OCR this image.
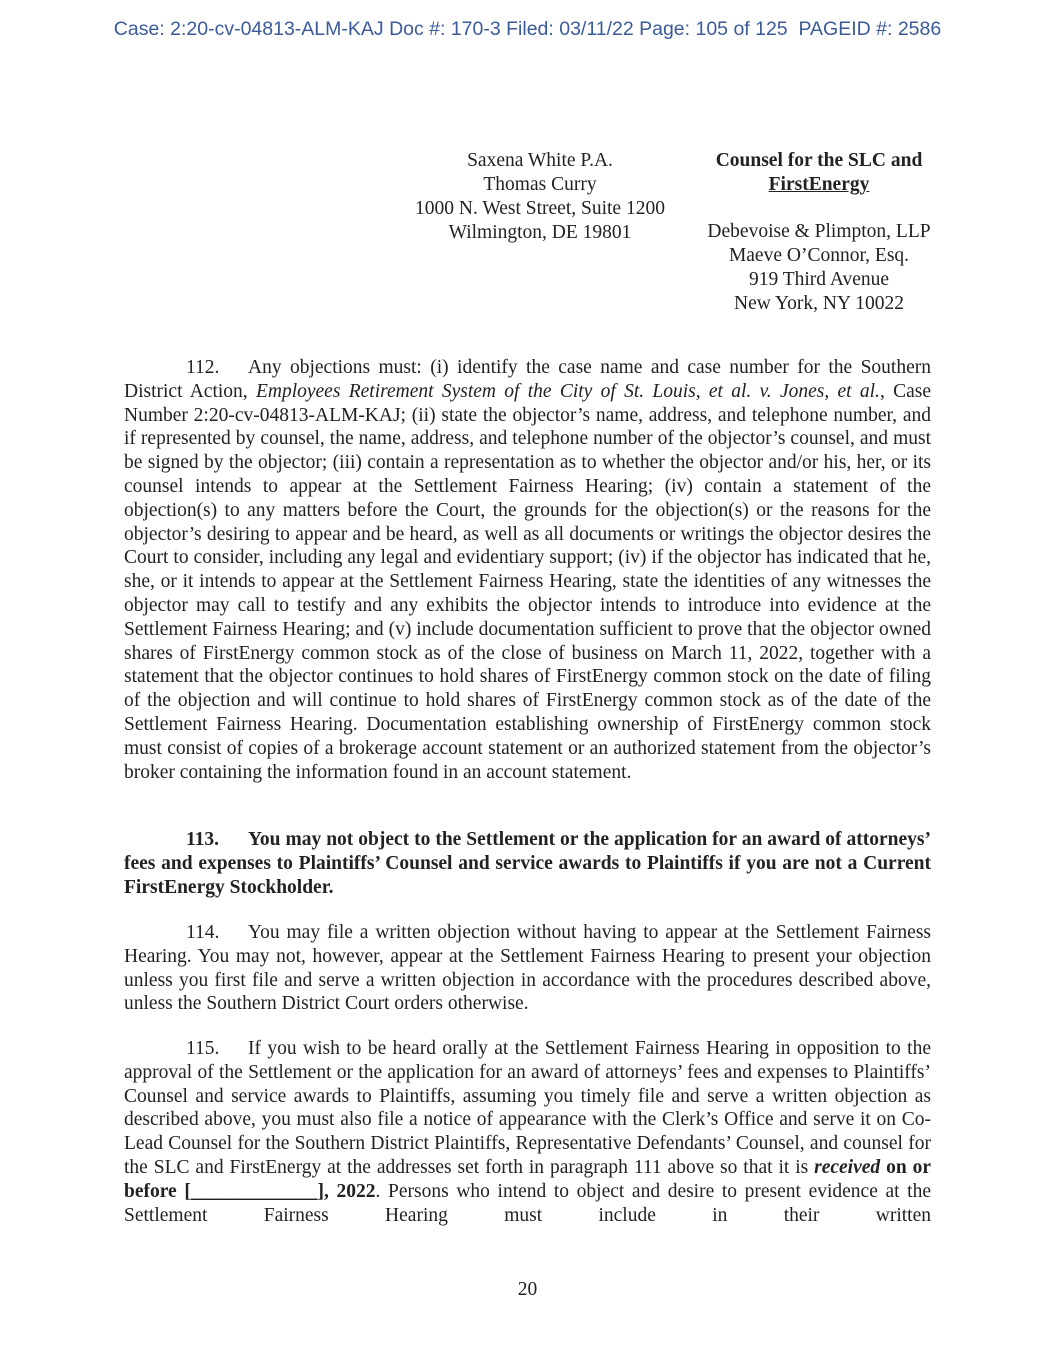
Case: 2:20-cv-04813-ALM-KAJ Doc #: 170-3 Filed: 03/11/22 Page: 105 of 125  PAGEID #: 2586
Saxena White P.A.
Thomas Curry
1000 N. West Street, Suite 1200
Wilmington, DE 19801
Counsel for the SLC and
FirstEnergy
Debevoise & Plimpton, LLP
Maeve O’Connor, Esq.
919 Third Avenue
New York, NY 10022

112. Any objections must: (i) identify the case name and case number for the Southern District Action, Employees Retirement System of the City of St. Louis, et al. v. Jones, et al., Case Number 2:20-cv-04813-ALM-KAJ; (ii) state the objector’s name, address, and telephone number, and if represented by counsel, the name, address, and telephone number of the objector’s counsel, and must be signed by the objector; (iii) contain a representation as to whether the objector and/or his, her, or its counsel intends to appear at the Settlement Fairness Hearing; (iv) contain a statement of the objection(s) to any matters before the Court, the grounds for the objection(s) or the reasons for the objector’s desiring to appear and be heard, as well as all documents or writings the objector desires the Court to consider, including any legal and evidentiary support; (iv) if the objector has indicated that he, she, or it intends to appear at the Settlement Fairness Hearing, state the identities of any witnesses the objector may call to testify and any exhibits the objector intends to introduce into evidence at the Settlement Fairness Hearing; and (v) include documentation sufficient to prove that the objector owned shares of FirstEnergy common stock as of the close of business on March 11, 2022, together with a statement that the objector continues to hold shares of FirstEnergy common stock on the date of filing of the objection and will continue to hold shares of FirstEnergy common stock as of the date of the Settlement Fairness Hearing. Documentation establishing ownership of FirstEnergy common stock must consist of copies of a brokerage account statement or an authorized statement from the objector’s broker containing the information found in an account statement.

113. You may not object to the Settlement or the application for an award of attorneys’ fees and expenses to Plaintiffs’ Counsel and service awards to Plaintiffs if you are not a Current FirstEnergy Stockholder.

114. You may file a written objection without having to appear at the Settlement Fairness Hearing. You may not, however, appear at the Settlement Fairness Hearing to present your objection unless you first file and serve a written objection in accordance with the procedures described above, unless the Southern District Court orders otherwise.

115. If you wish to be heard orally at the Settlement Fairness Hearing in opposition to the approval of the Settlement or the application for an award of attorneys’ fees and expenses to Plaintiffs’ Counsel and service awards to Plaintiffs, assuming you timely file and serve a written objection as described above, you must also file a notice of appearance with the Clerk’s Office and serve it on Co-Lead Counsel for the Southern District Plaintiffs, Representative Defendants’ Counsel, and counsel for the SLC and FirstEnergy at the addresses set forth in paragraph 111 above so that it is received on or before [_____________], 2022. Persons who intend to object and desire to present evidence at the Settlement Fairness Hearing must include in their written

20
